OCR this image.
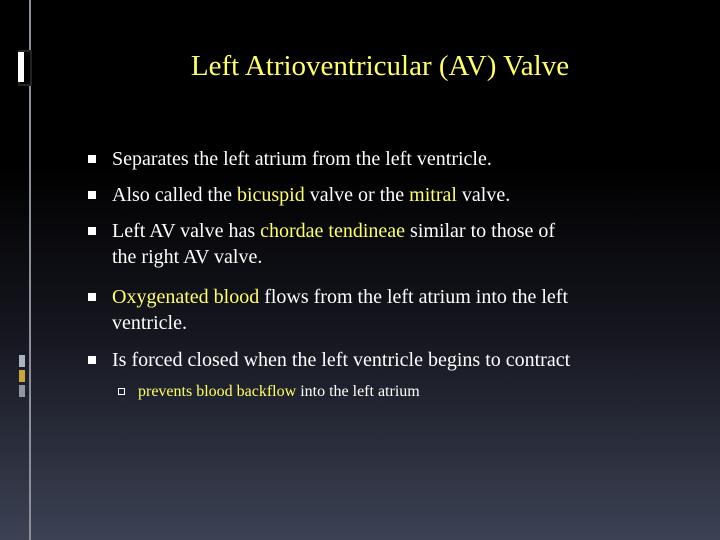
Left Atrioventricular (AV) Valve
Separates the left atrium from the left ventricle.
Also called the bicuspid valve or the mitral valve.
Left AV valve has chordae tendineae similar to those of
the right AV valve.
Oxygenated blood flows from the left atrium into the left
ventricle.
Is forced closed when the left ventricle begins to contract
prevents blood backflow into the left atrium
